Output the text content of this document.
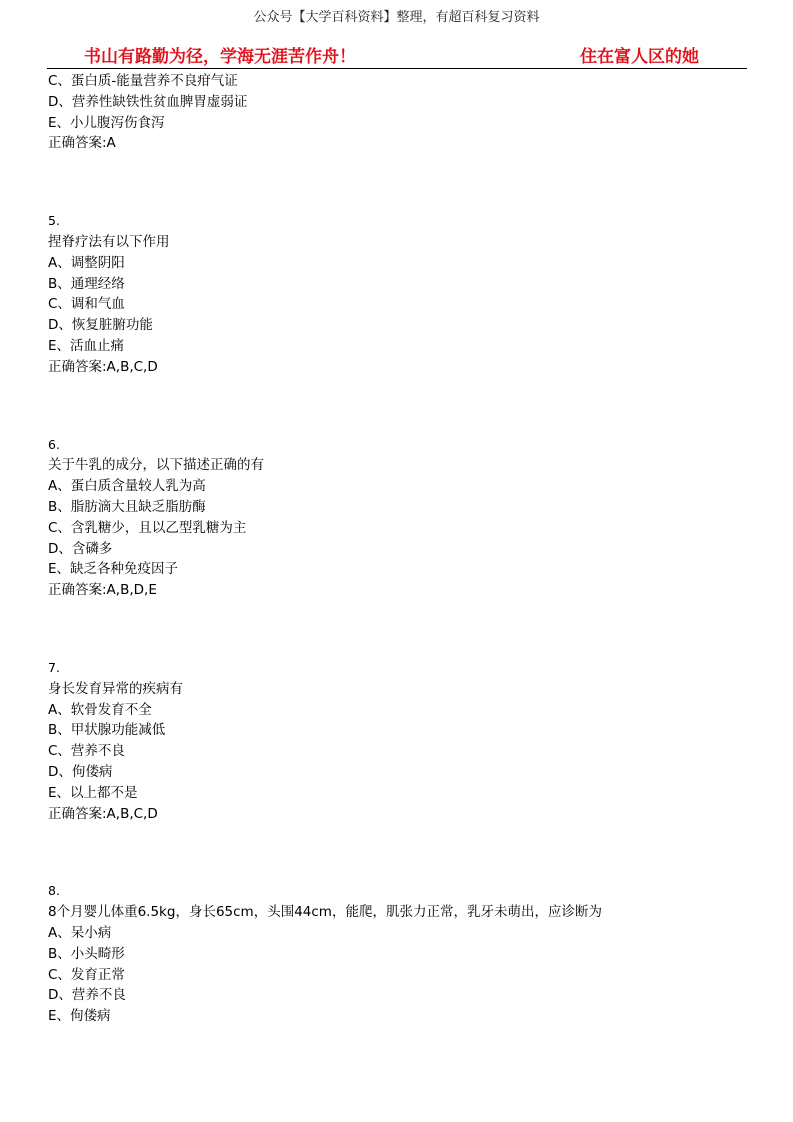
公众号【大学百科资料】整理，有超百科复习资料
书山有路勤为径，学海无涯苦作舟！	住在富人区的她
C、蛋白质-能量营养不良疳气证
D、营养性缺铁性贫血脾胃虚弱证
E、小儿腹泻伤食泻
正确答案:A
5.
捏脊疗法有以下作用
A、调整阴阳
B、通理经络
C、调和气血
D、恢复脏腑功能
E、活血止痛
正确答案:A,B,C,D
6.
关于牛乳的成分，以下描述正确的有
A、蛋白质含量较人乳为高
B、脂肪滴大且缺乏脂肪酶
C、含乳糖少，且以乙型乳糖为主
D、含磷多
E、缺乏各种免疫因子
正确答案:A,B,D,E
7.
身长发育异常的疾病有
A、软骨发育不全
B、甲状腺功能减低
C、营养不良
D、佝偻病
E、以上都不是
正确答案:A,B,C,D
8.
8个月婴儿体重6.5kg，身长65cm，头围44cm，能爬，肌张力正常，乳牙未萌出，应诊断为
A、呆小病
B、小头畸形
C、发育正常
D、营养不良
E、佝偻病
